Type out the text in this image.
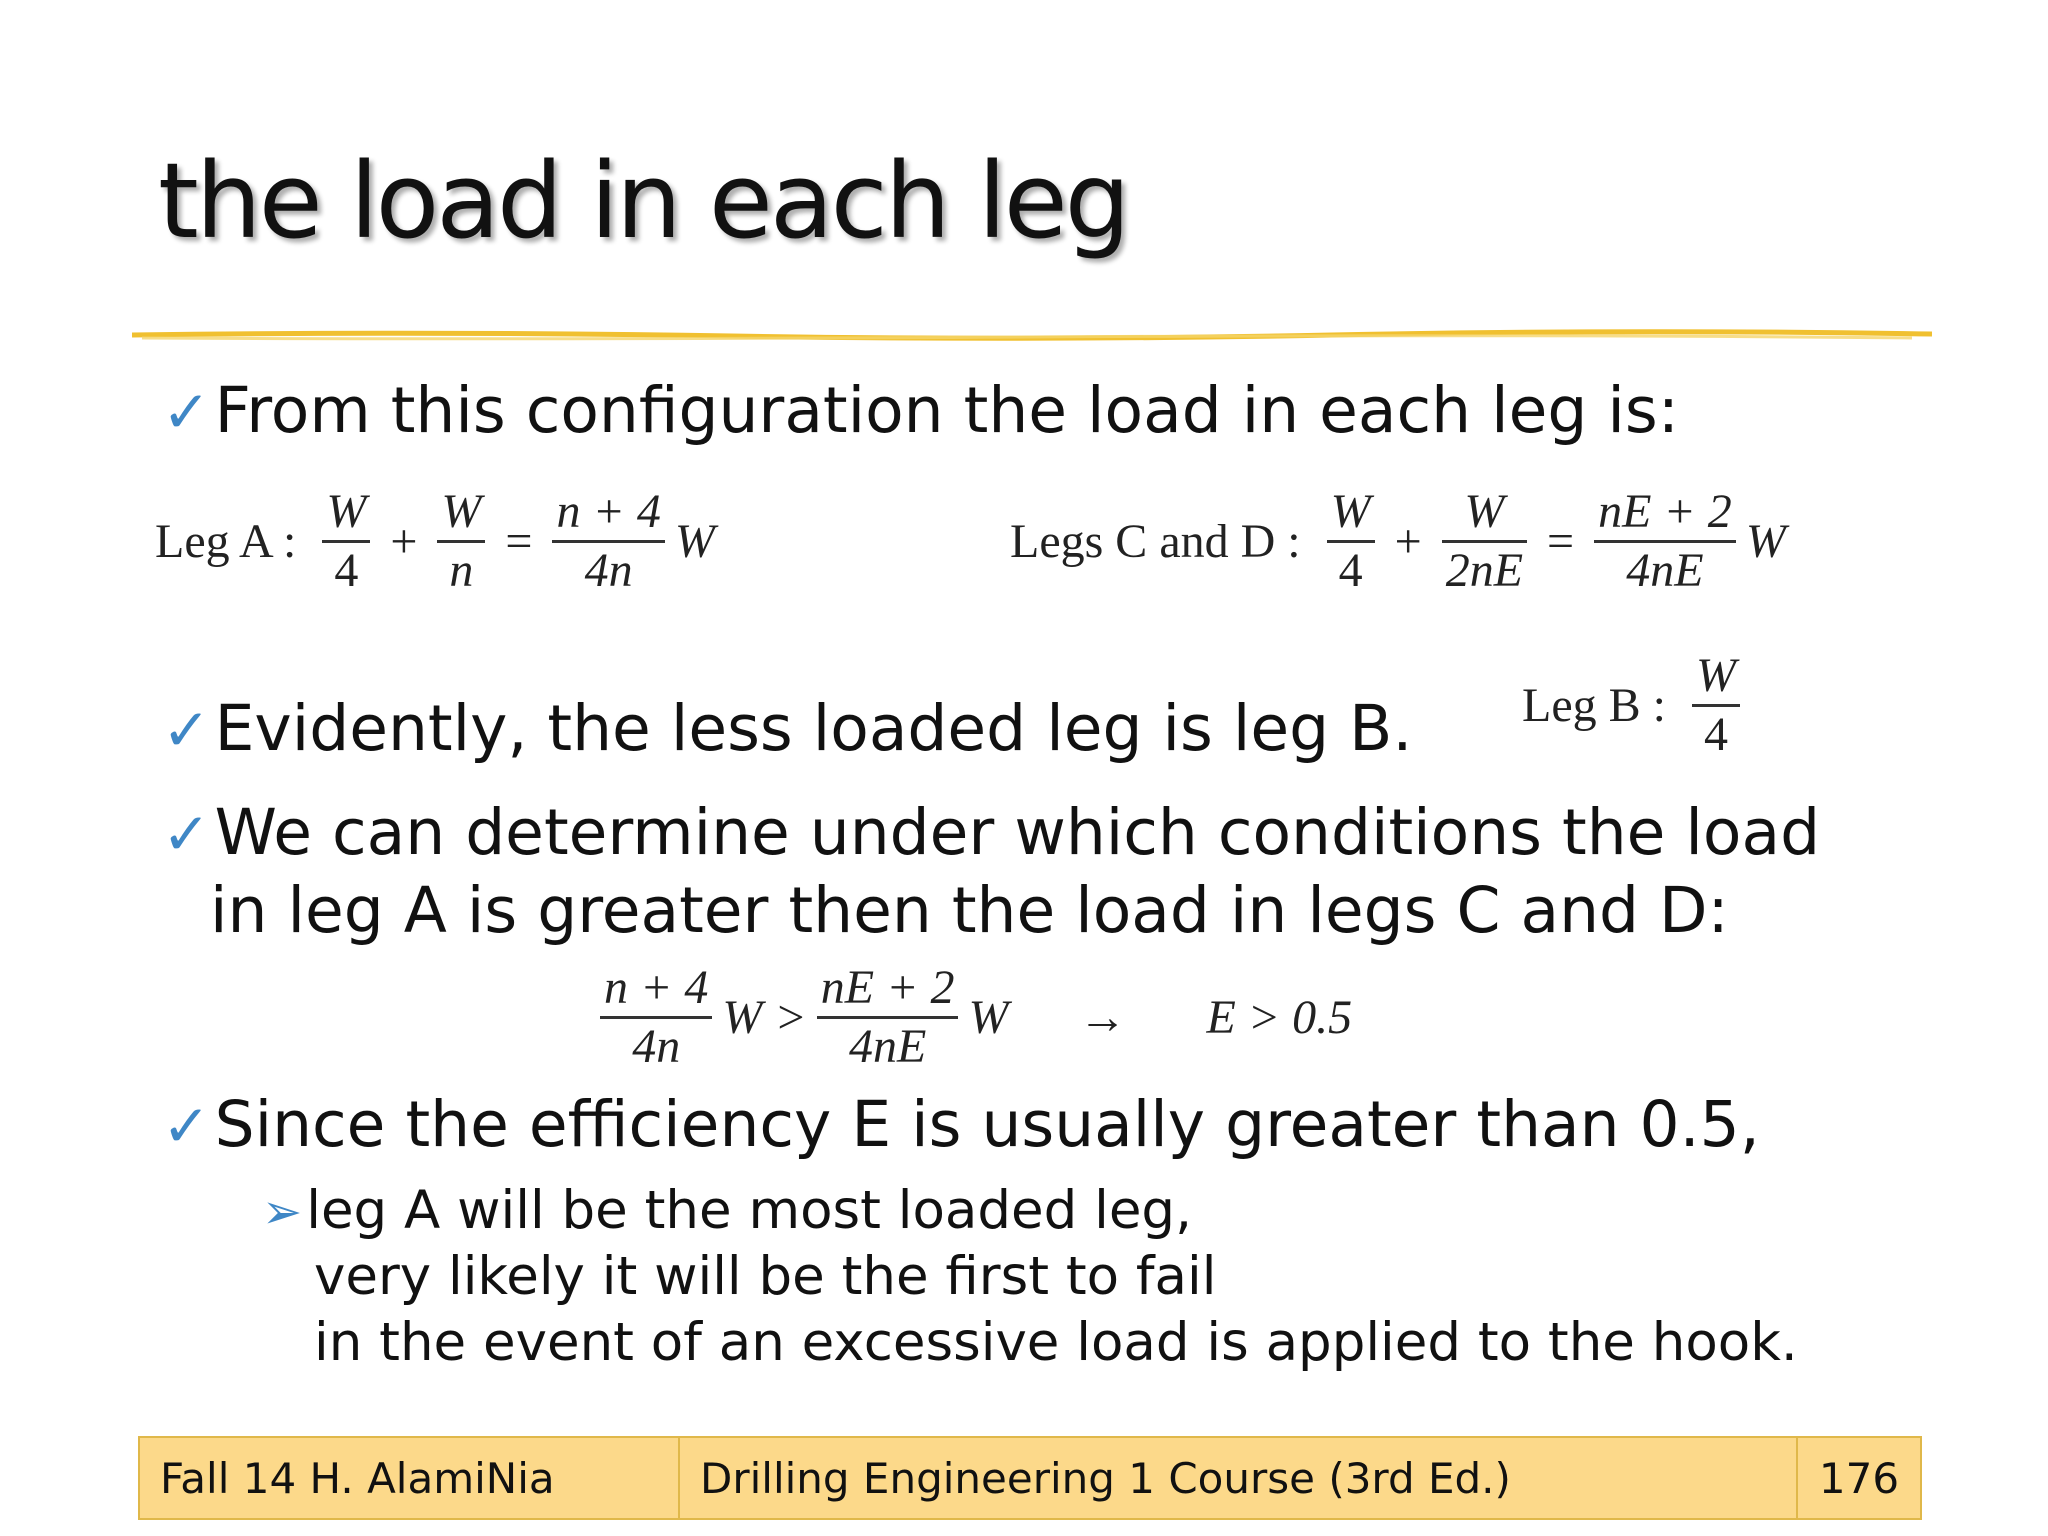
the load in each leg
✓From this configuration the load in each leg is:
Leg A : $\frac{W}{4} + \frac{W}{n} = \frac{n + 4}{4n}$ W	Legs C and D : $\frac{W}{4} + \frac{W}{2nE} = \frac{nE + 2}{4nE}$ W
✓Evidently, the less loaded leg is leg B. Leg B : $\frac{W}{4}$
✓We can determine under which conditions the load
in leg A is greater then the load in legs C and D:
$\frac{n + 4}{4n}$ $W > \frac{nE + 2}{4nE}$ W → E > 0.5
✓Since the efficiency E is usually greater than 0.5,
➢leg A will be the most loaded leg,
very likely it will be the first to fail
in the event of an excessive load is applied to the hook.
Fall 14 H. AlamiNia	Drilling Engineering 1 Course (3rd Ed.)	176
